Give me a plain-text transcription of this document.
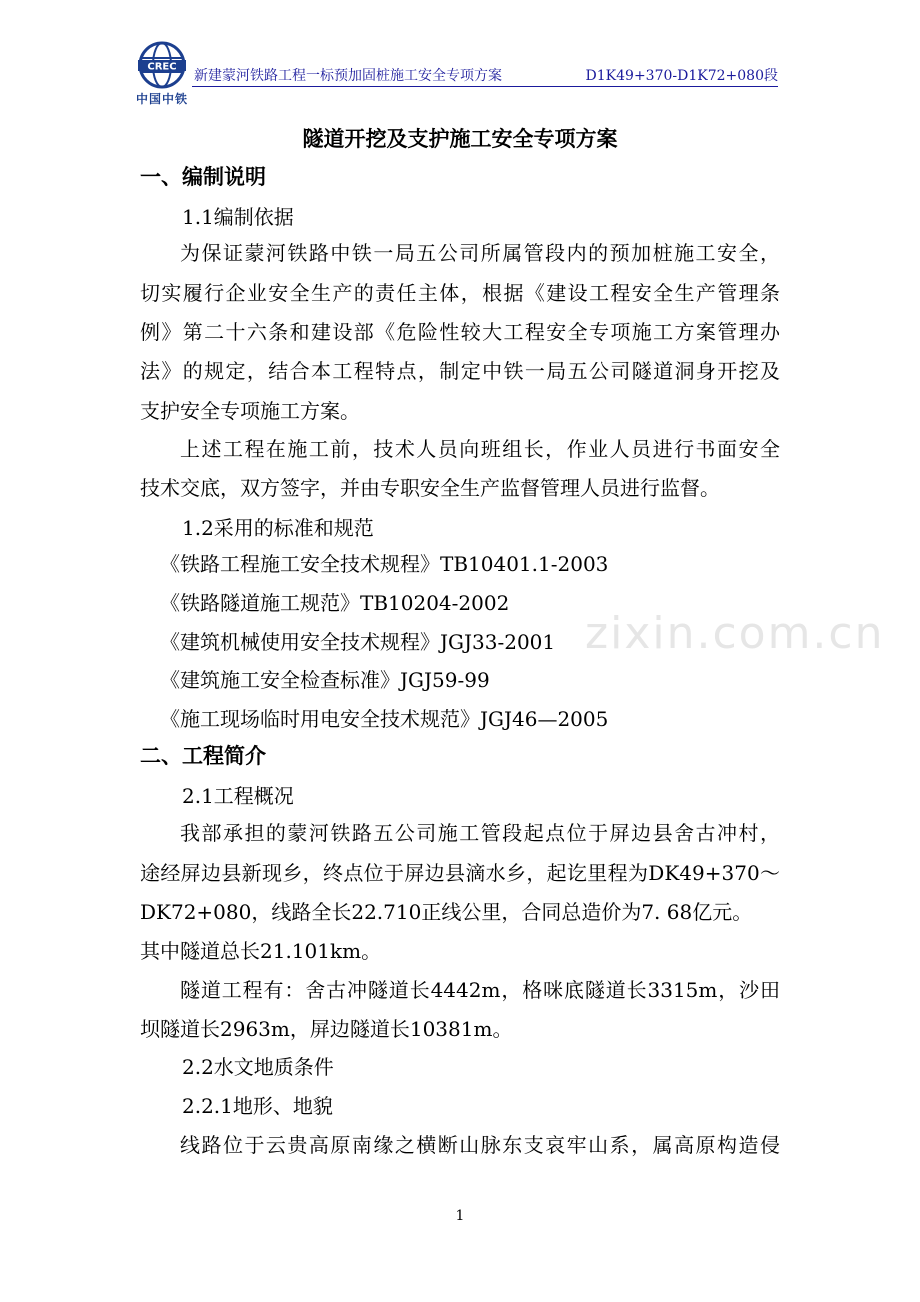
CREC
中国中铁
新建蒙河铁路工程一标预加固桩施工安全专项方案	D1K49+370-D1K72+080段
zixin.com.cn
隧道开挖及支护施工安全专项方案
一、编制说明
1.1编制依据
为保证蒙河铁路中铁一局五公司所属管段内的预加桩施工安全，
切实履行企业安全生产的责任主体，根据《建设工程安全生产管理条
例》第二十六条和建设部《危险性较大工程安全专项施工方案管理办
法》的规定，结合本工程特点，制定中铁一局五公司隧道洞身开挖及
支护安全专项施工方案。
上述工程在施工前，技术人员向班组长，作业人员进行书面安全
技术交底，双方签字，并由专职安全生产监督管理人员进行监督。
1.2采用的标准和规范
《铁路工程施工安全技术规程》TB10401.1-2003
《铁路隧道施工规范》TB10204-2002
《建筑机械使用安全技术规程》JGJ33-2001
《建筑施工安全检查标准》JGJ59-99
《施工现场临时用电安全技术规范》JGJ46—2005
二、工程简介
2.1工程概况
我部承担的蒙河铁路五公司施工管段起点位于屏边县舍古冲村，
途经屏边县新现乡，终点位于屏边县滴水乡，起讫里程为DK49+370～
DK72+080，线路全长22.710正线公里，合同总造价为7. 68亿元。
其中隧道总长21.101km。
隧道工程有：舍古冲隧道长4442m，格咪底隧道长3315m，沙田
坝隧道长2963m，屏边隧道长10381m。
2.2水文地质条件
2.2.1地形、地貌
线路位于云贵高原南缘之横断山脉东支哀牢山系，属高原构造侵
1
